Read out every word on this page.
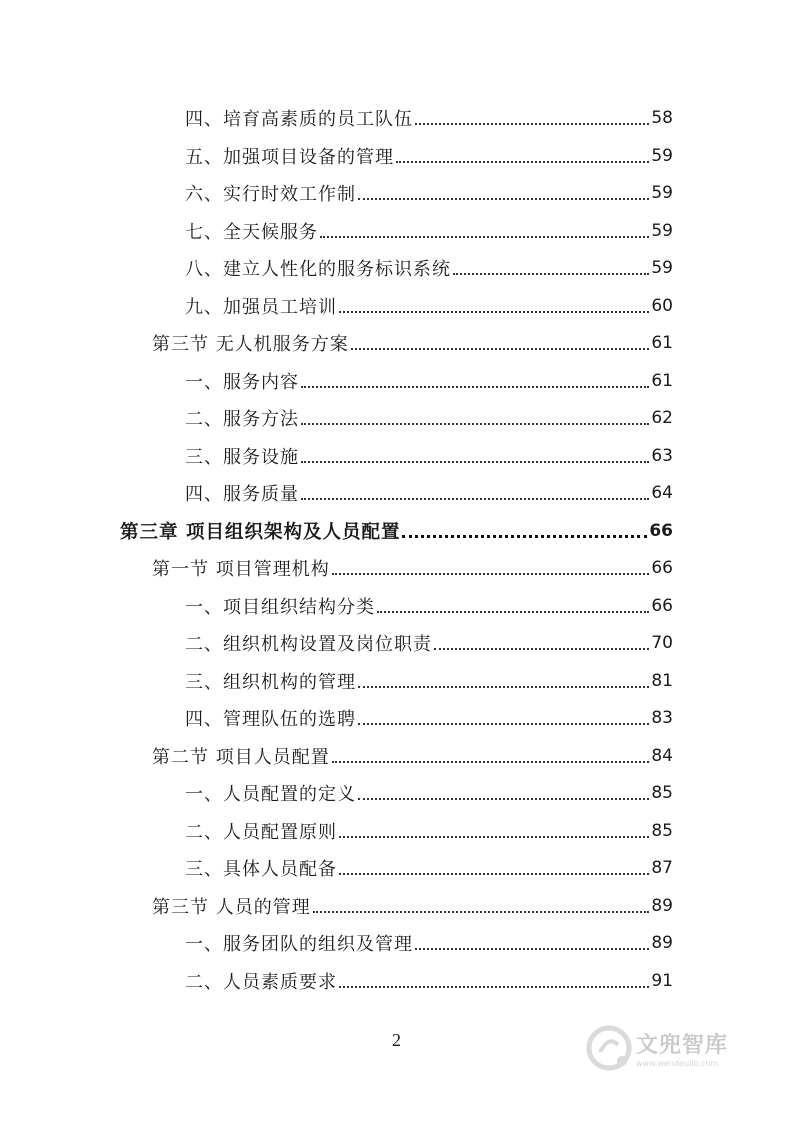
四、培育高素质的员工队伍	58
五、加强项目设备的管理	59
六、实行时效工作制	59
七、全天候服务	59
八、建立人性化的服务标识系统	59
九、加强员工培训	60
第三节 无人机服务方案	61
一、服务内容	61
二、服务方法	62
三、服务设施	63
四、服务质量	64
第三章 项目组织架构及人员配置	66
第一节 项目管理机构	66
一、项目组织结构分类	66
二、组织机构设置及岗位职责	70
三、组织机构的管理	81
四、管理队伍的选聘	83
第二节 项目人员配置	84
一、人员配置的定义	85
二、人员配置原则	85
三、具体人员配备	87
第三节 人员的管理	89
一、服务团队的组织及管理	89
二、人员素质要求	91
2	文兜智库
www.wendoulib.com
